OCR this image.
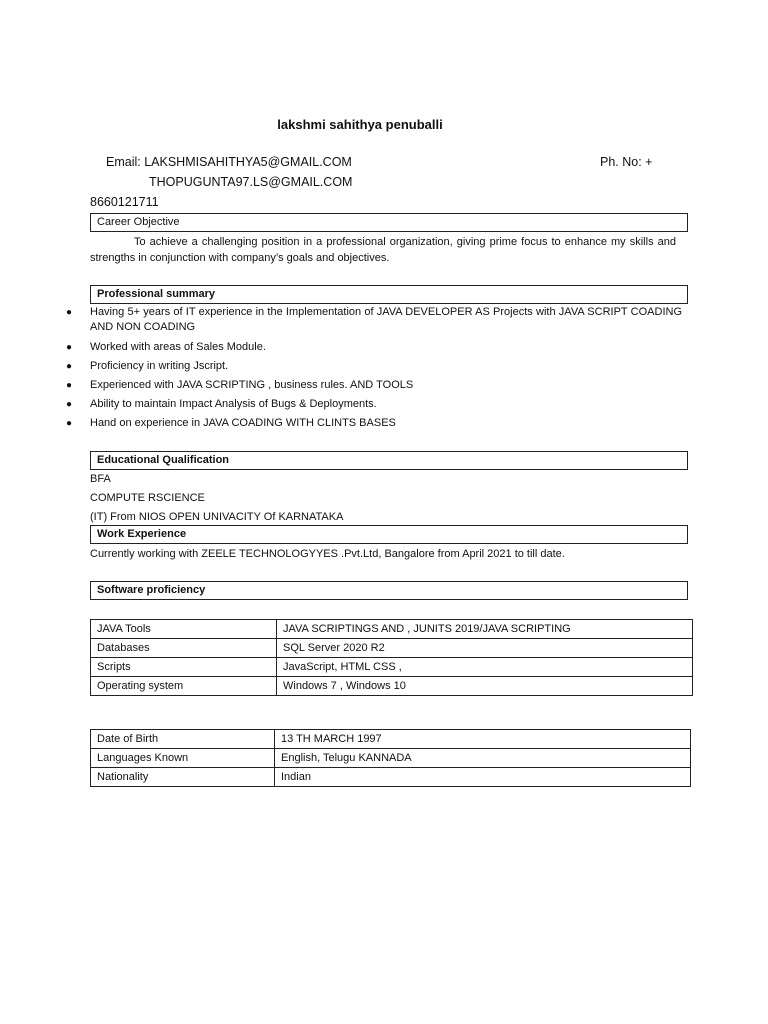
lakshmi sahithya penuballi
Email: LAKSHMISAHITHYA5@GMAIL.COM	Ph. No: +
THOPUGUNTA97.LS@GMAIL.COM
8660121711
Career Objective
To achieve a challenging position in a professional organization, giving prime focus to enhance my skills and strengths in conjunction with company’s goals and objectives.
Professional summary
● Having 5+ years of IT experience in the Implementation of JAVA DEVELOPER AS Projects with JAVA SCRIPT COADING AND NON COADING
● Worked with areas of Sales Module.
● Proficiency in writing Jscript.
● Experienced with JAVA SCRIPTING , business rules. AND TOOLS
● Ability to maintain Impact Analysis of Bugs & Deployments.
● Hand on experience in JAVA COADING WITH CLINTS BASES
Educational Qualification
BFA
COMPUTE RSCIENCE
(IT) From NIOS OPEN UNIVACITY Of KARNATAKA
Work Experience
Currently working with ZEELE TECHNOLOGYYES .Pvt.Ltd, Bangalore from April 2021 to till date.
Software proficiency
JAVA Tools	JAVA SCRIPTINGS AND , JUNITS 2019/JAVA SCRIPTING
Databases	SQL Server 2020 R2
Scripts	JavaScript, HTML CSS ,
Operating system	Windows 7 , Windows 10
Date of Birth	13 TH MARCH 1997
Languages Known	English, Telugu KANNADA
Nationality	Indian
